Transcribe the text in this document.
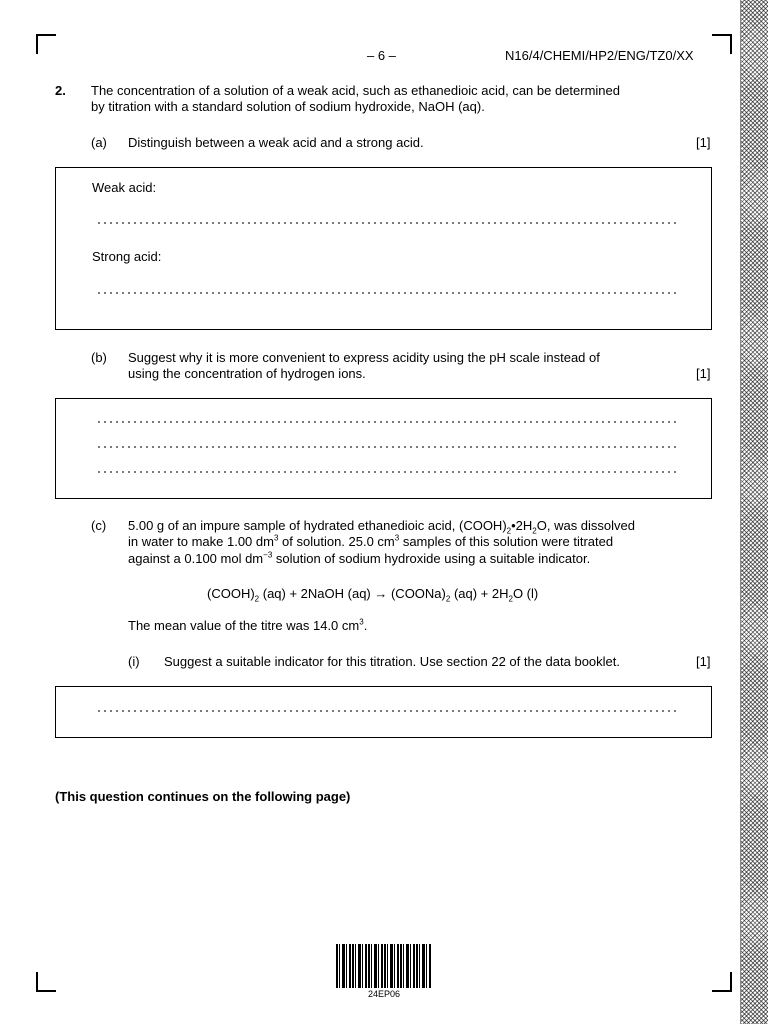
– 6 –	N16/4/CHEMI/HP2/ENG/TZ0/XX
2. The concentration of a solution of a weak acid, such as ethanedioic acid, can be determined
by titration with a standard solution of sodium hydroxide, NaOH (aq).
(a) Distinguish between a weak acid and a strong acid.	[1]
Weak acid:
Strong acid:
(b) Suggest why it is more convenient to express acidity using the pH scale instead of
using the concentration of hydrogen ions.	[1]
(c) 5.00 g of an impure sample of hydrated ethanedioic acid, $(COOH)_2•2H_2O$, was dissolved
in water to make 1.00 $dm^3$ of solution. 25.0 $cm^3$ samples of this solution were titrated
against a 0.100 mol $dm^{-3}$ solution of sodium hydroxide using a suitable indicator.
$(COOH)_2$ (aq) + 2NaOH $(aq) \to (COONa)_2$ $(aq) + 2H_2O$ (l)
The mean value of the titre was 14.0 $cm^3$.
(i) Suggest a suitable indicator for this titration. Use section 22 of the data booklet.	[1]
(This question continues on the following page)
24EP06
